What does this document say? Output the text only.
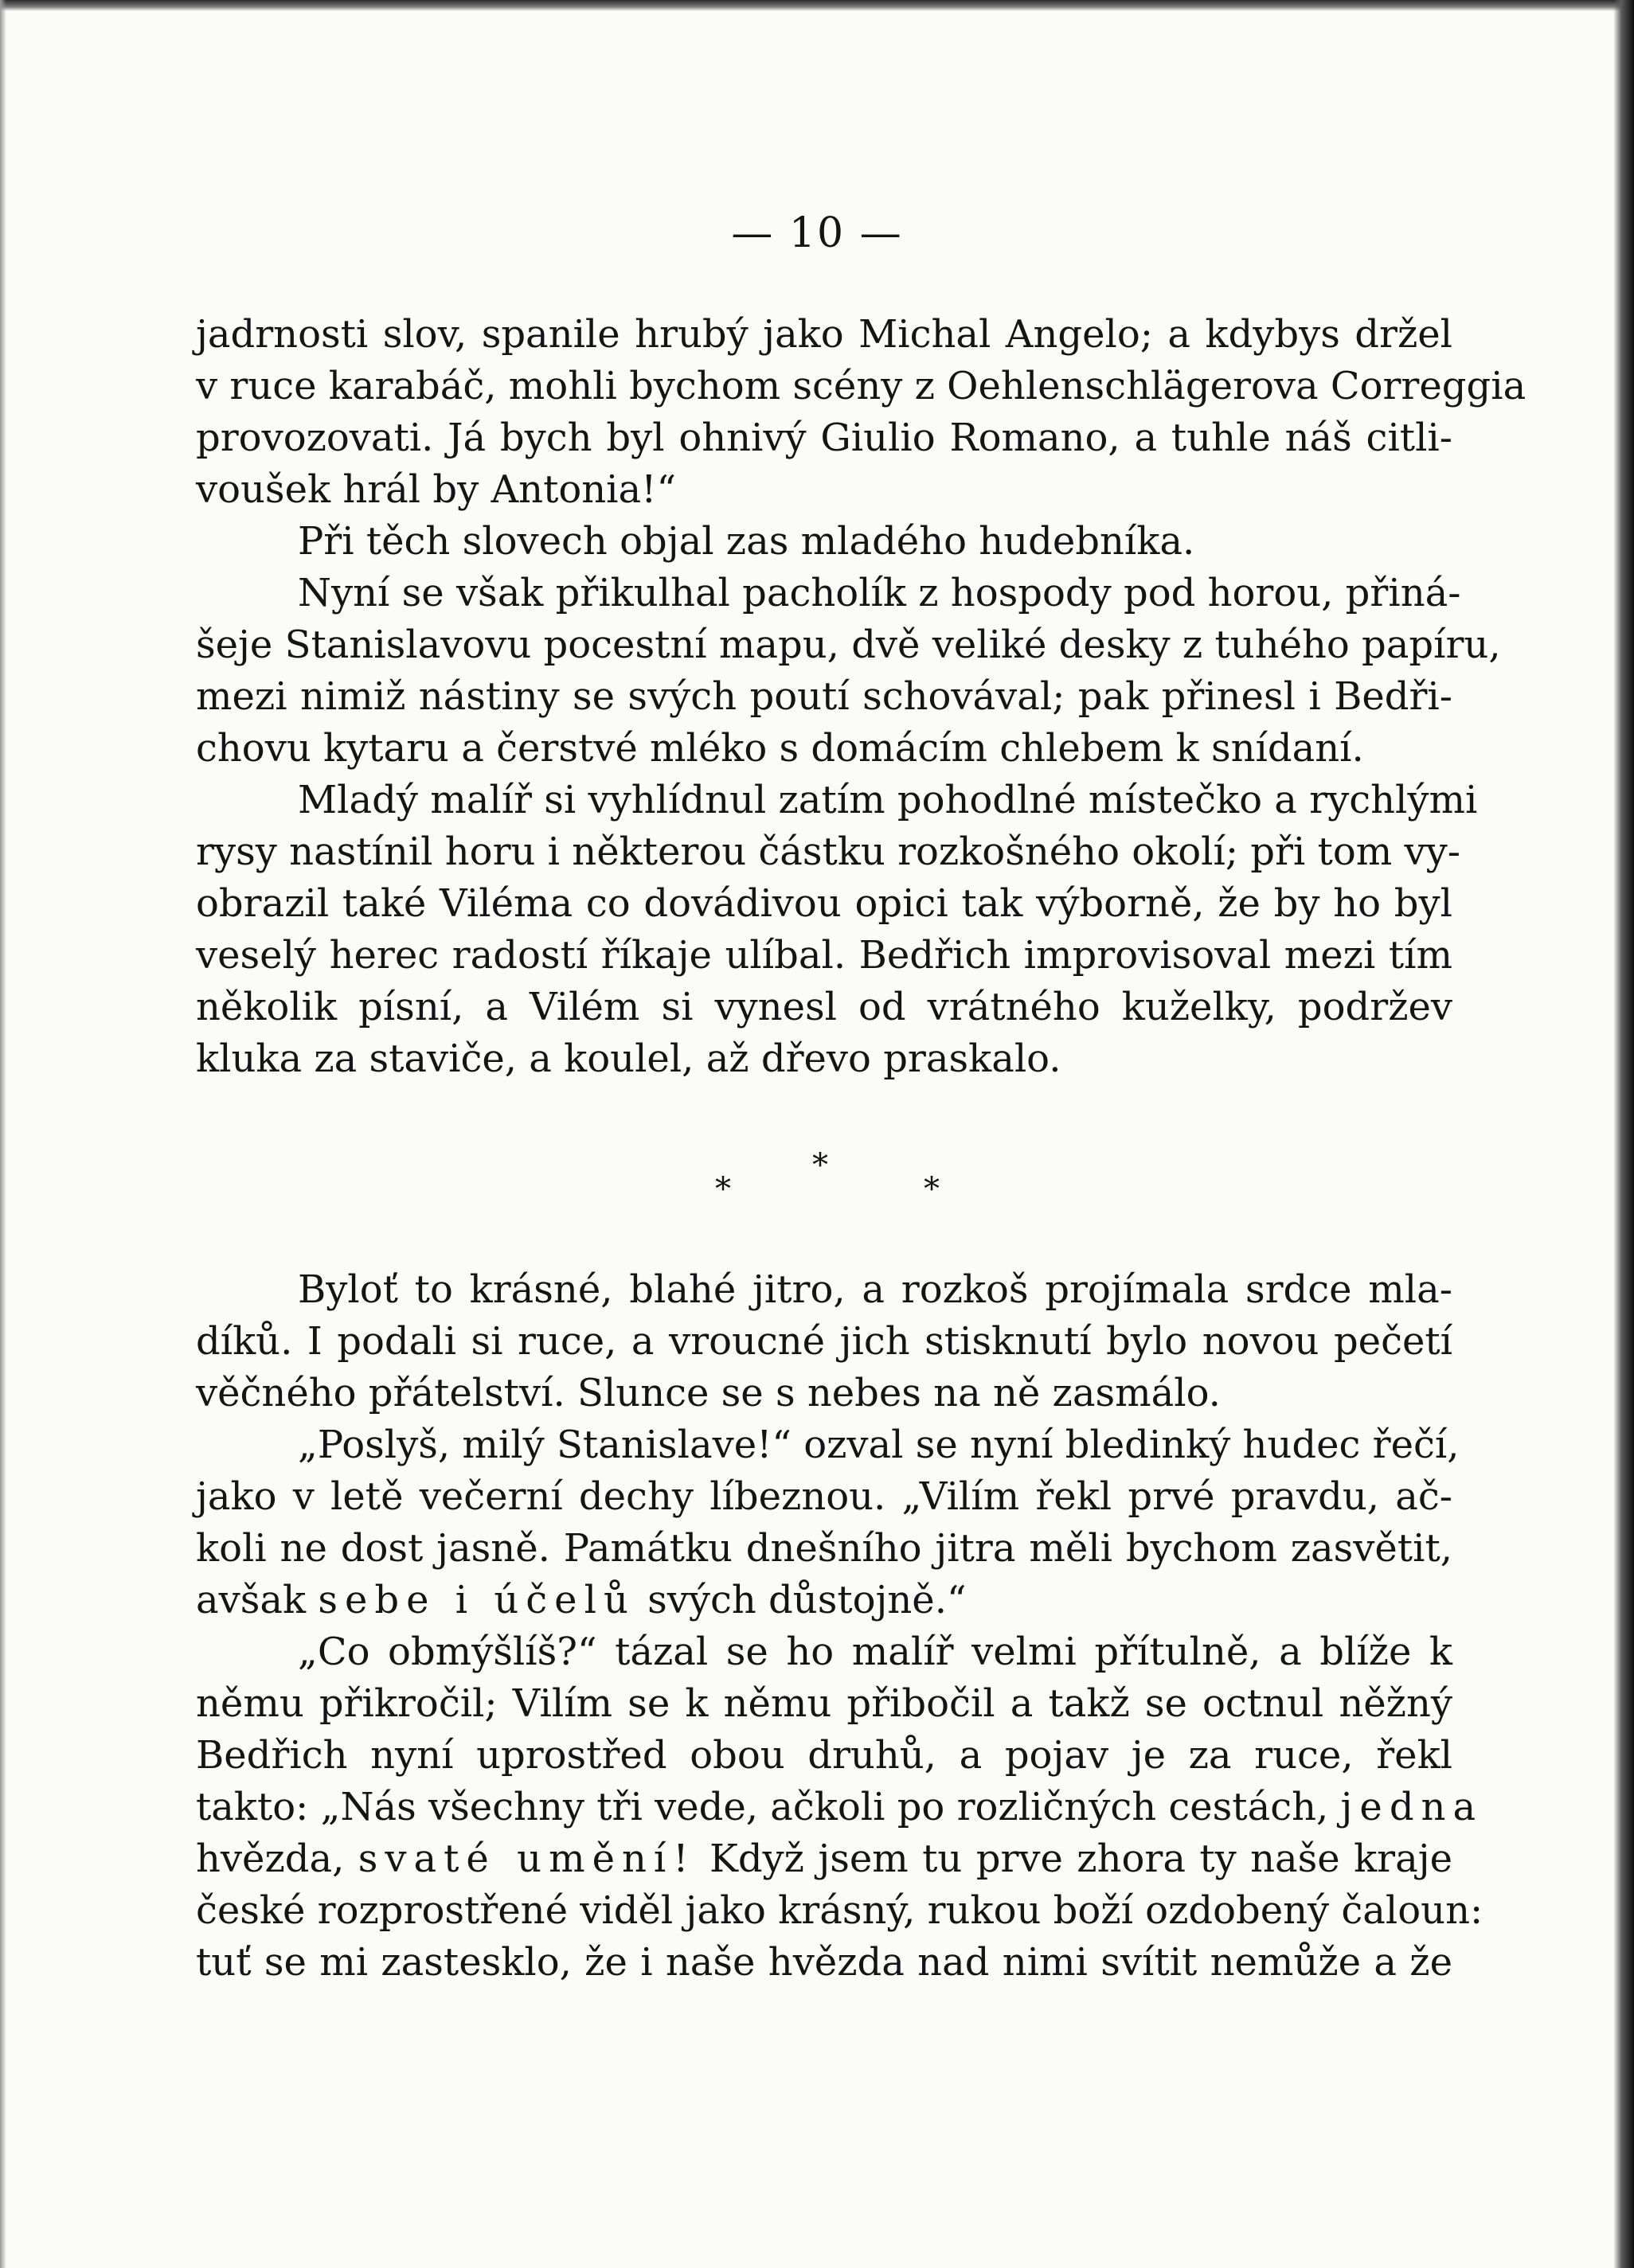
— 10 —
jadrnosti slov, spanile hrubý jako Michal Angelo; a kdybys držel
v ruce karabáč, mohli bychom scény z Oehlenschlägerova Correggia
provozovati. Já bych byl ohnivý Giulio Romano, a tuhle náš citli-
voušek hrál by Antonia!“
Při těch slovech objal zas mladého hudebníka.
Nyní se však přikulhal pacholík z hospody pod horou, přiná-
šeje Stanislavovu pocestní mapu, dvě veliké desky z tuhého papíru,
mezi nimiž nástiny se svých poutí schovával; pak přinesl i Bedři-
chovu kytaru a čerstvé mléko s domácím chlebem k snídaní.
Mladý malíř si vyhlídnul zatím pohodlné místečko a rychlými
rysy nastínil horu i některou částku rozkošného okolí; při tom vy-
obrazil také Viléma co dovádivou opici tak výborně, že by ho byl
veselý herec radostí říkaje ulíbal. Bedřich improvisoval mezi tím
několik písní, a Vilém si vynesl od vrátného kuželky, podržev
kluka za staviče, a koulel, až dřevo praskalo.
*
*
*
Byloť to krásné, blahé jitro, a rozkoš projímala srdce mla-
díků. I podali si ruce, a vroucné jich stisknutí bylo novou pečetí
věčného přátelství. Slunce se s nebes na ně zasmálo.
„Poslyš, milý Stanislave!“ ozval se nyní bledinký hudec řečí,
jako v letě večerní dechy líbeznou. „Vilím řekl prvé pravdu, ač-
koli ne dost jasně. Památku dnešního jitra měli bychom zasvětit,
avšak sebe i účelů svých důstojně.“
„Co obmýšlíš?“ tázal se ho malíř velmi přítulně, a blíže k
němu přikročil; Vilím se k němu přibočil a takž se octnul něžný
Bedřich nyní uprostřed obou druhů, a pojav je za ruce, řekl
takto: „Nás všechny tři vede, ačkoli po rozličných cestách, jedna
hvězda, svaté umění! Když jsem tu prve zhora ty naše kraje
české rozprostřené viděl jako krásný, rukou boží ozdobený čaloun:
tuť se mi zastesklo, že i naše hvězda nad nimi svítit nemůže a že
